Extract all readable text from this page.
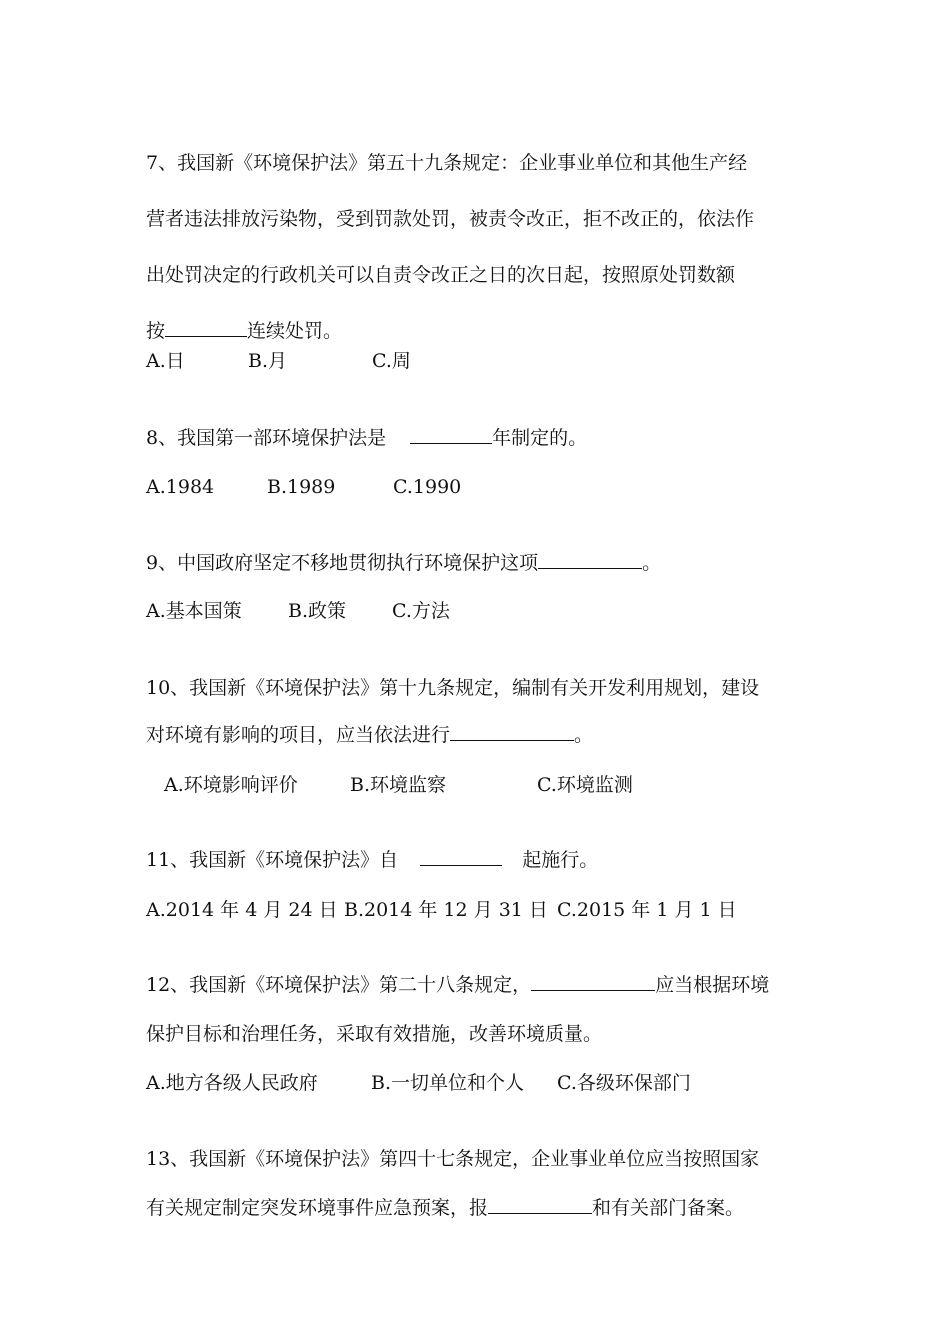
7、我国新《环境保护法》第五十九条规定：企业事业单位和其他生产经
营者违法排放污染物，受到罚款处罚，被责令改正，拒不改正的，依法作
出处罚决定的行政机关可以自责令改正之日的次日起，按照原处罚数额
按	连续处罚。
A.日	B.月	C.周
8、我国第一部环境保护法是	年制定的。
A.1984	B.1989	C.1990
9、中国政府坚定不移地贯彻执行环境保护这项	。
A.基本国策 B.政策 C.方法
10、我国新《环境保护法》第十九条规定，编制有关开发利用规划，建设
对环境有影响的项目，应当依法进行	。
A.环境影响评价	B.环境监察	C.环境监测
11、我国新《环境保护法》自	起施行。
A.2014 年 4 月 24 日 B.2014 年 12 月 31 日 C.2015 年 1 月 1 日
12、我国新《环境保护法》第二十八条规定，	应当根据环境
保护目标和治理任务，采取有效措施，改善环境质量。
A.地方各级人民政府	B.一切单位和个人 C.各级环保部门
13、我国新《环境保护法》第四十七条规定，企业事业单位应当按照国家
有关规定制定突发环境事件应急预案，报	和有关部门备案。
